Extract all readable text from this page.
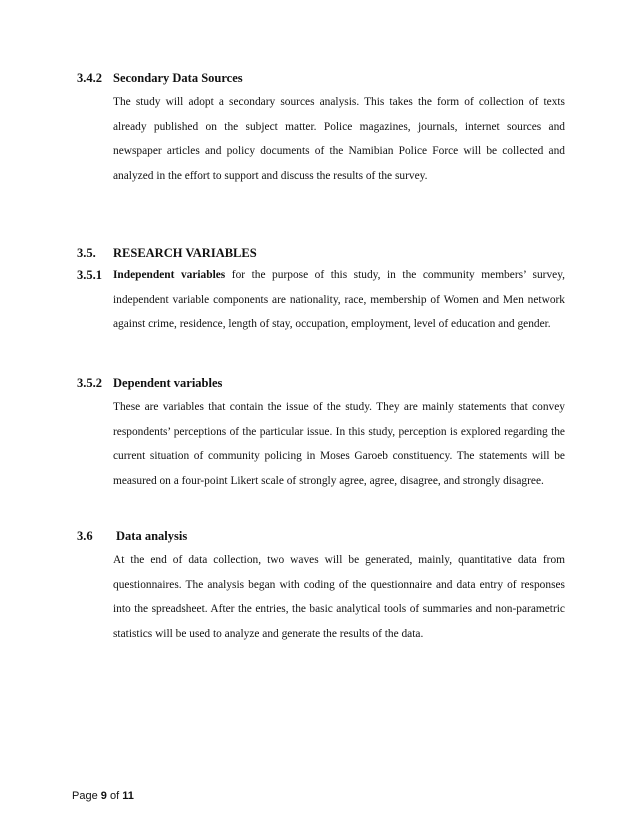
3.4.2 Secondary Data Sources
The study will adopt a secondary sources analysis. This takes the form of collection of texts already published on the subject matter. Police magazines, journals, internet sources and newspaper articles and policy documents of the Namibian Police Force will be collected and analyzed in the effort to support and discuss the results of the survey.
3.5. RESEARCH VARIABLES
3.5.1 Independent variables for the purpose of this study, in the community members’ survey, independent variable components are nationality, race, membership of Women and Men network against crime, residence, length of stay, occupation, employment, level of education and gender.
3.5.2 Dependent variables
These are variables that contain the issue of the study. They are mainly statements that convey respondents’ perceptions of the particular issue. In this study, perception is explored regarding the current situation of community policing in Moses Garoeb constituency. The statements will be measured on a four-point Likert scale of strongly agree, agree, disagree, and strongly disagree.
3.6 Data analysis
At the end of data collection, two waves will be generated, mainly, quantitative data from questionnaires. The analysis began with coding of the questionnaire and data entry of responses into the spreadsheet. After the entries, the basic analytical tools of summaries and non-parametric statistics will be used to analyze and generate the results of the data.
Page 9 of 11
